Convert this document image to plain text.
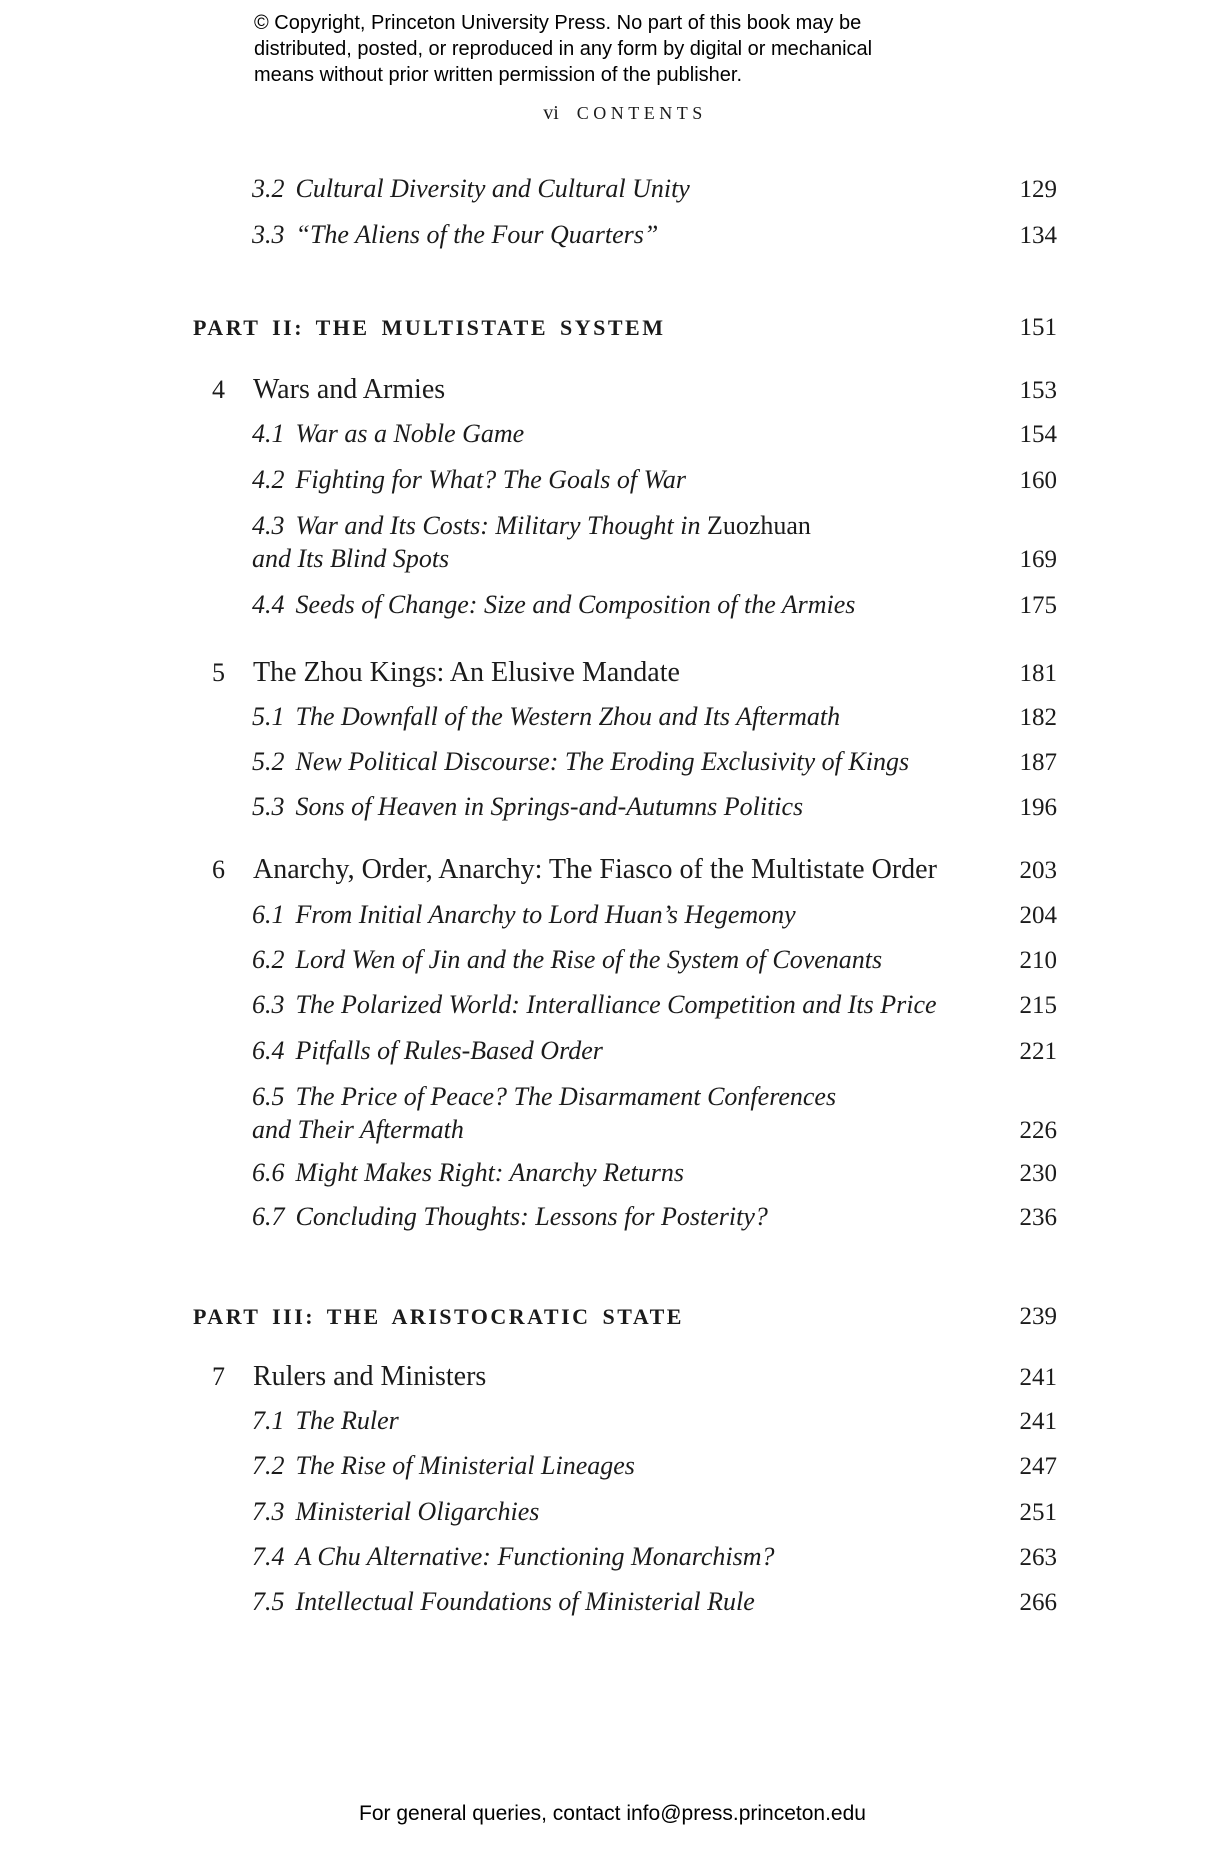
© Copyright, Princeton University Press. No part of this book may be
distributed, posted, or reproduced in any form by digital or mechanical
means without prior written permission of the publisher.
vi CONTENTS
3.2 Cultural Diversity and Cultural Unity	129
3.3 “The Aliens of the Four Quarters”	134
PART II: THE MULTISTATE SYSTEM	151
4 Wars and Armies	153
4.1 War as a Noble Game	154
4.2 Fighting for What? The Goals of War	160
4.3 War and Its Costs: Military Thought in Zuozhuan
and Its Blind Spots	169
4.4 Seeds of Change: Size and Composition of the Armies	175
5 The Zhou Kings: An Elusive Mandate	181
5.1 The Downfall of the Western Zhou and Its Aftermath	182
5.2 New Political Discourse: The Eroding Exclusivity of Kings	187
5.3 Sons of Heaven in Springs-and-Autumns Politics	196
6 Anarchy, Order, Anarchy: The Fiasco of the Multistate Order	203
6.1 From Initial Anarchy to Lord Huan’s Hegemony	204
6.2 Lord Wen of Jin and the Rise of the System of Covenants	210
6.3 The Polarized World: Interalliance Competition and Its Price	215
6.4 Pitfalls of Rules-Based Order	221
6.5 The Price of Peace? The Disarmament Conferences
and Their Aftermath	226
6.6 Might Makes Right: Anarchy Returns	230
6.7 Concluding Thoughts: Lessons for Posterity?	236
PART III: THE ARISTOCRATIC STATE	239
7 Rulers and Ministers	241
7.1 The Ruler	241
7.2 The Rise of Ministerial Lineages	247
7.3 Ministerial Oligarchies	251
7.4 A Chu Alternative: Functioning Monarchism?	263
7.5 Intellectual Foundations of Ministerial Rule	266
For general queries, contact info@press.princeton.edu
